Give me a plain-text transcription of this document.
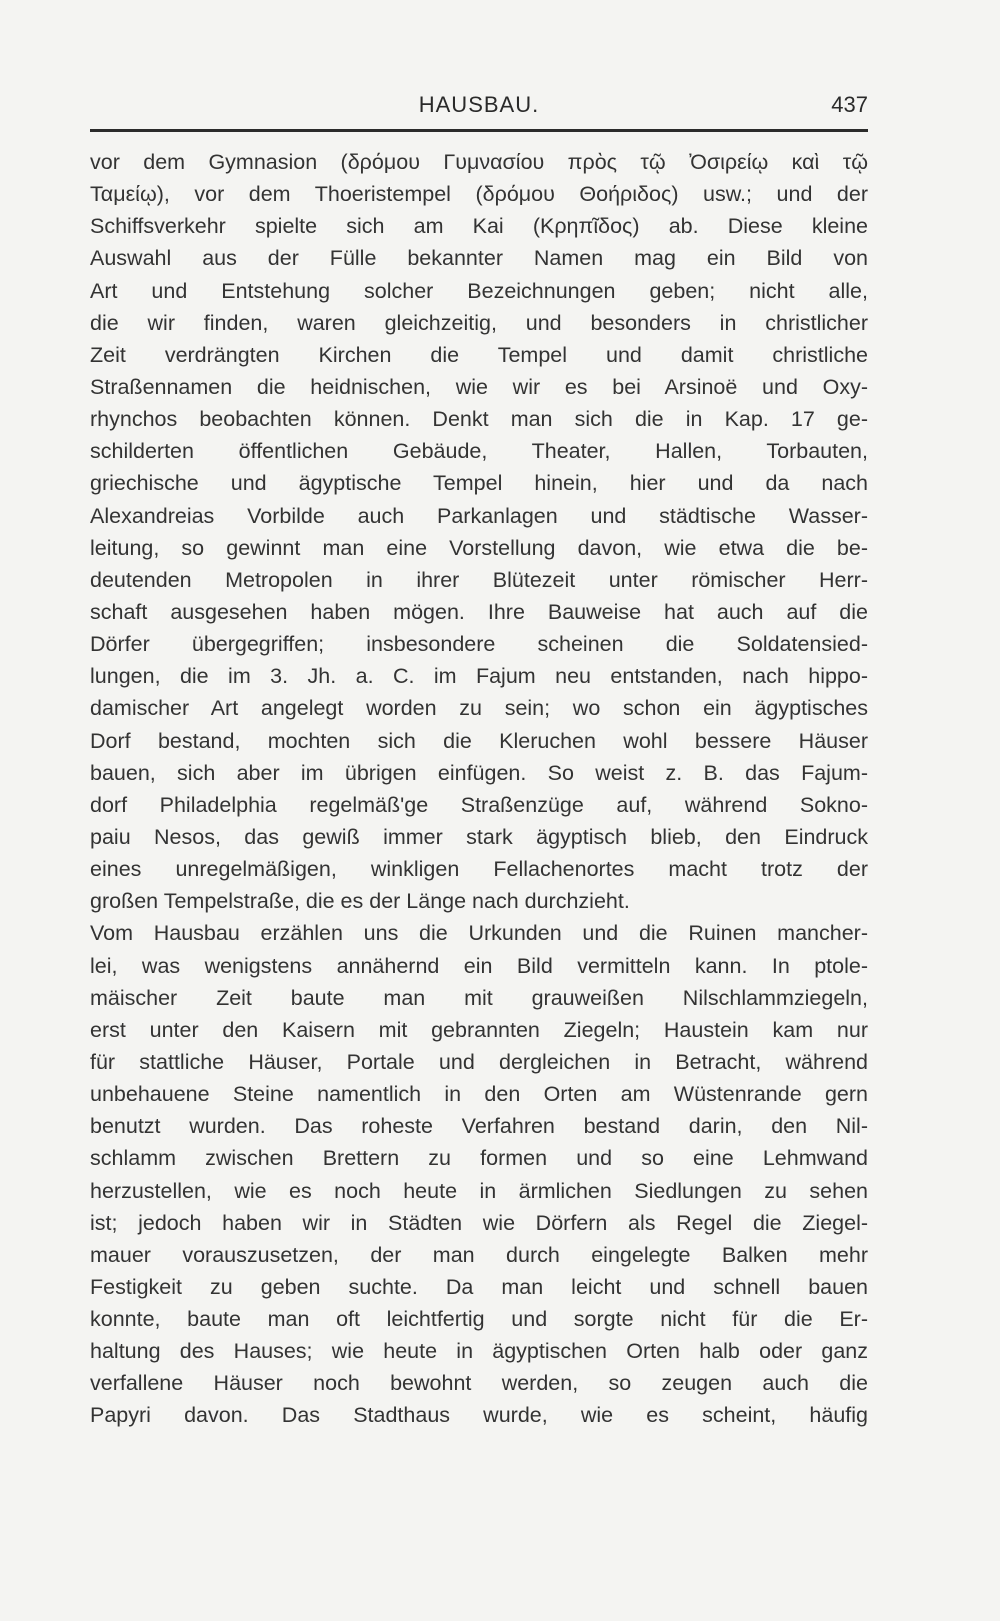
HAUSBAU.	437
vor dem Gymnasion (δρόμου Γυμνασίου πρὸς τῷ Ὀσιρείῳ καὶ τῷ
Ταμείῳ), vor dem Thoeristempel (δρόμου Θοήριδος) usw.; und der
Schiffsverkehr spielte sich am Kai (Κρηπῖδος) ab. Diese kleine
Auswahl aus der Fülle bekannter Namen mag ein Bild von
Art und Entstehung solcher Bezeichnungen geben; nicht alle,
die wir finden, waren gleichzeitig, und besonders in christlicher
Zeit verdrängten Kirchen die Tempel und damit christliche
Straßennamen die heidnischen, wie wir es bei Arsinoë und Oxy-
rhynchos beobachten können. Denkt man sich die in Kap. 17 ge-
schilderten öffentlichen Gebäude, Theater, Hallen, Torbauten,
griechische und ägyptische Tempel hinein, hier und da nach
Alexandreias Vorbilde auch Parkanlagen und städtische Wasser-
leitung, so gewinnt man eine Vorstellung davon, wie etwa die be-
deutenden Metropolen in ihrer Blütezeit unter römischer Herr-
schaft ausgesehen haben mögen. Ihre Bauweise hat auch auf die
Dörfer übergegriffen; insbesondere scheinen die Soldatensied-
lungen, die im 3. Jh. a. C. im Fajum neu entstanden, nach hippo-
damischer Art angelegt worden zu sein; wo schon ein ägyptisches
Dorf bestand, mochten sich die Kleruchen wohl bessere Häuser
bauen, sich aber im übrigen einfügen. So weist z. B. das Fajum-
dorf Philadelphia regelmäß'ge Straßenzüge auf, während Sokno-
paiu Nesos, das gewiß immer stark ägyptisch blieb, den Eindruck
eines unregelmäßigen, winkligen Fellachenortes macht trotz der
großen Tempelstraße, die es der Länge nach durchzieht.
Vom Hausbau erzählen uns die Urkunden und die Ruinen mancher-
lei, was wenigstens annähernd ein Bild vermitteln kann. In ptole-
mäischer Zeit baute man mit grauweißen Nilschlammziegeln,
erst unter den Kaisern mit gebrannten Ziegeln; Haustein kam nur
für stattliche Häuser, Portale und dergleichen in Betracht, während
unbehauene Steine namentlich in den Orten am Wüstenrande gern
benutzt wurden. Das roheste Verfahren bestand darin, den Nil-
schlamm zwischen Brettern zu formen und so eine Lehmwand
herzustellen, wie es noch heute in ärmlichen Siedlungen zu sehen
ist; jedoch haben wir in Städten wie Dörfern als Regel die Ziegel-
mauer vorauszusetzen, der man durch eingelegte Balken mehr
Festigkeit zu geben suchte. Da man leicht und schnell bauen
konnte, baute man oft leichtfertig und sorgte nicht für die Er-
haltung des Hauses; wie heute in ägyptischen Orten halb oder ganz
verfallene Häuser noch bewohnt werden, so zeugen auch die
Papyri davon. Das Stadthaus wurde, wie es scheint, häufig
